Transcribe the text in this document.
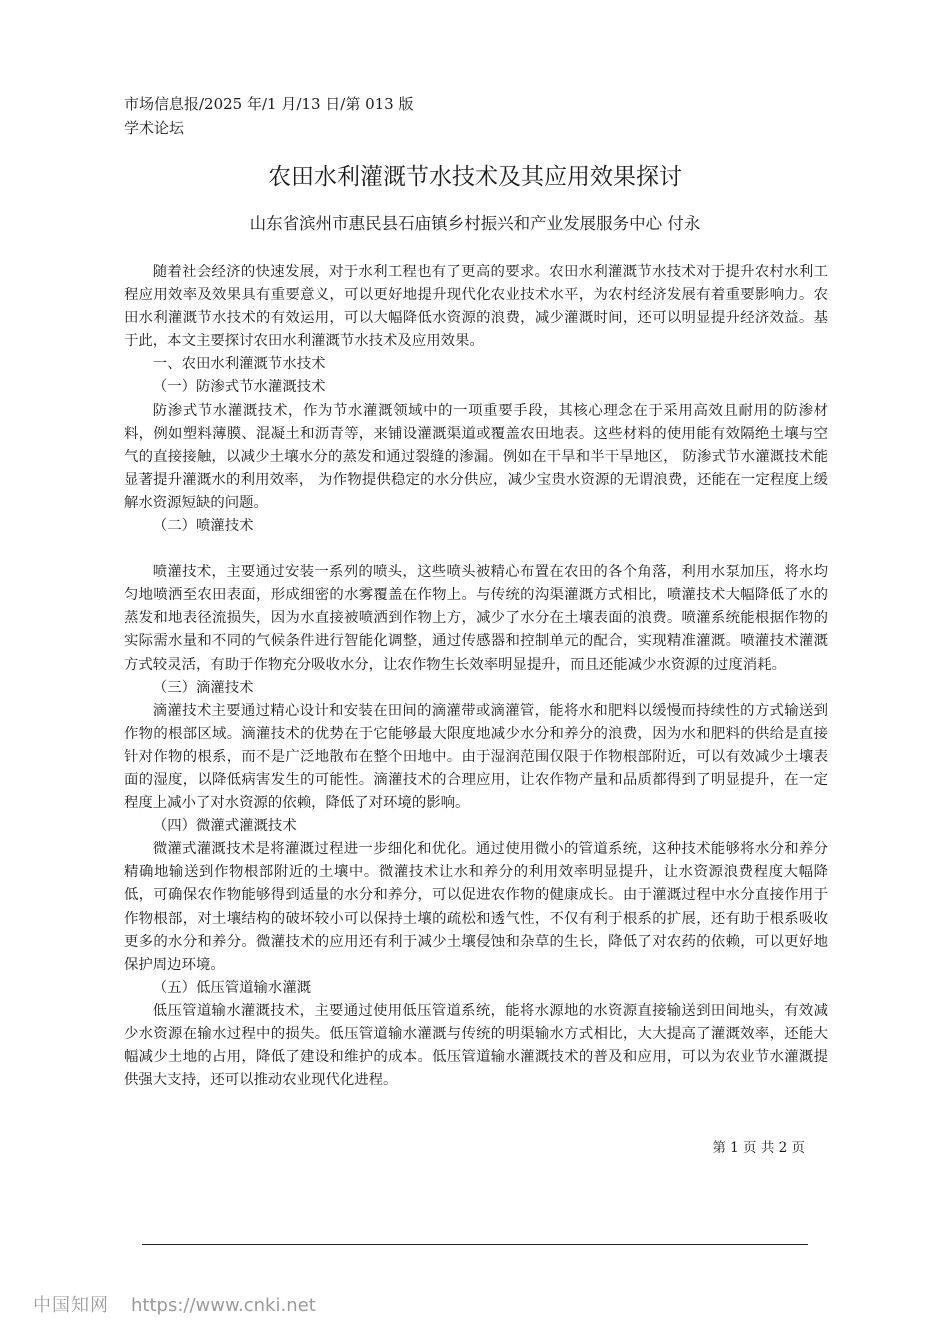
市场信息报/2025 年/1 月/13 日/第 013 版学术论坛
农田水利灌溉节水技术及其应用效果探讨
山东省滨州市惠民县石庙镇乡村振兴和产业发展服务中心 付永

随着社会经济的快速发展，对于水利工程也有了更高的要求。农田水利灌溉节水技术对于提升农村水利工程应用效率及效果具有重要意义，可以更好地提升现代化农业技术水平，为农村经济发展有着重要影响力。农田水利灌溉节水技术的有效运用，可以大幅降低水资源的浪费，减少灌溉时间，还可以明显提升经济效益。基于此，本文主要探讨农田水利灌溉节水技术及应用效果。

一、农田水利灌溉节水技术

（一）防渗式节水灌溉技术

防渗式节水灌溉技术，作为节水灌溉领域中的一项重要手段，其核心理念在于采用高效且耐用的防渗材料，例如塑料薄膜、混凝土和沥青等，来铺设灌溉渠道或覆盖农田地表。这些材料的使用能有效隔绝土壤与空气的直接接触，以减少土壤水分的蒸发和通过裂缝的渗漏。例如在干旱和半干旱地区， 防渗式节水灌溉技术能显著提升灌溉水的利用效率， 为作物提供稳定的水分供应，减少宝贵水资源的无谓浪费，还能在一定程度上缓解水资源短缺的问题。

（二）喷灌技术

喷灌技术，主要通过安装一系列的喷头，这些喷头被精心布置在农田的各个角落，利用水泵加压，将水均匀地喷洒至农田表面，形成细密的水雾覆盖在作物上。与传统的沟渠灌溉方式相比，喷灌技术大幅降低了水的蒸发和地表径流损失，因为水直接被喷洒到作物上方，减少了水分在土壤表面的浪费。喷灌系统能根据作物的实际需水量和不同的气候条件进行智能化调整，通过传感器和控制单元的配合，实现精准灌溉。喷灌技术灌溉方式较灵活，有助于作物充分吸收水分，让农作物生长效率明显提升，而且还能减少水资源的过度消耗。

（三）滴灌技术

滴灌技术主要通过精心设计和安装在田间的滴灌带或滴灌管，能将水和肥料以缓慢而持续性的方式输送到作物的根部区域。滴灌技术的优势在于它能够最大限度地减少水分和养分的浪费，因为水和肥料的供给是直接针对作物的根系，而不是广泛地散布在整个田地中。由于湿润范围仅限于作物根部附近，可以有效减少土壤表面的湿度，以降低病害发生的可能性。滴灌技术的合理应用，让农作物产量和品质都得到了明显提升，在一定程度上减小了对水资源的依赖，降低了对环境的影响。

（四）微灌式灌溉技术

微灌式灌溉技术是将灌溉过程进一步细化和优化。通过使用微小的管道系统，这种技术能够将水分和养分精确地输送到作物根部附近的土壤中。微灌技术让水和养分的利用效率明显提升，让水资源浪费程度大幅降低，可确保农作物能够得到适量的水分和养分，可以促进农作物的健康成长。由于灌溉过程中水分直接作用于作物根部，对土壤结构的破坏较小可以保持土壤的疏松和透气性，不仅有利于根系的扩展，还有助于根系吸收更多的水分和养分。微灌技术的应用还有利于减少土壤侵蚀和杂草的生长，降低了对农药的依赖，可以更好地保护周边环境。

（五）低压管道输水灌溉

低压管道输水灌溉技术，主要通过使用低压管道系统，能将水源地的水资源直接输送到田间地头，有效减少水资源在输水过程中的损失。低压管道输水灌溉与传统的明渠输水方式相比，大大提高了灌溉效率，还能大幅减少土地的占用，降低了建设和维护的成本。低压管道输水灌溉技术的普及和应用，可以为农业节水灌溉提供强大支持，还可以推动农业现代化进程。

第 1 页 共 2 页
中国知网 https://www.cnki.net
